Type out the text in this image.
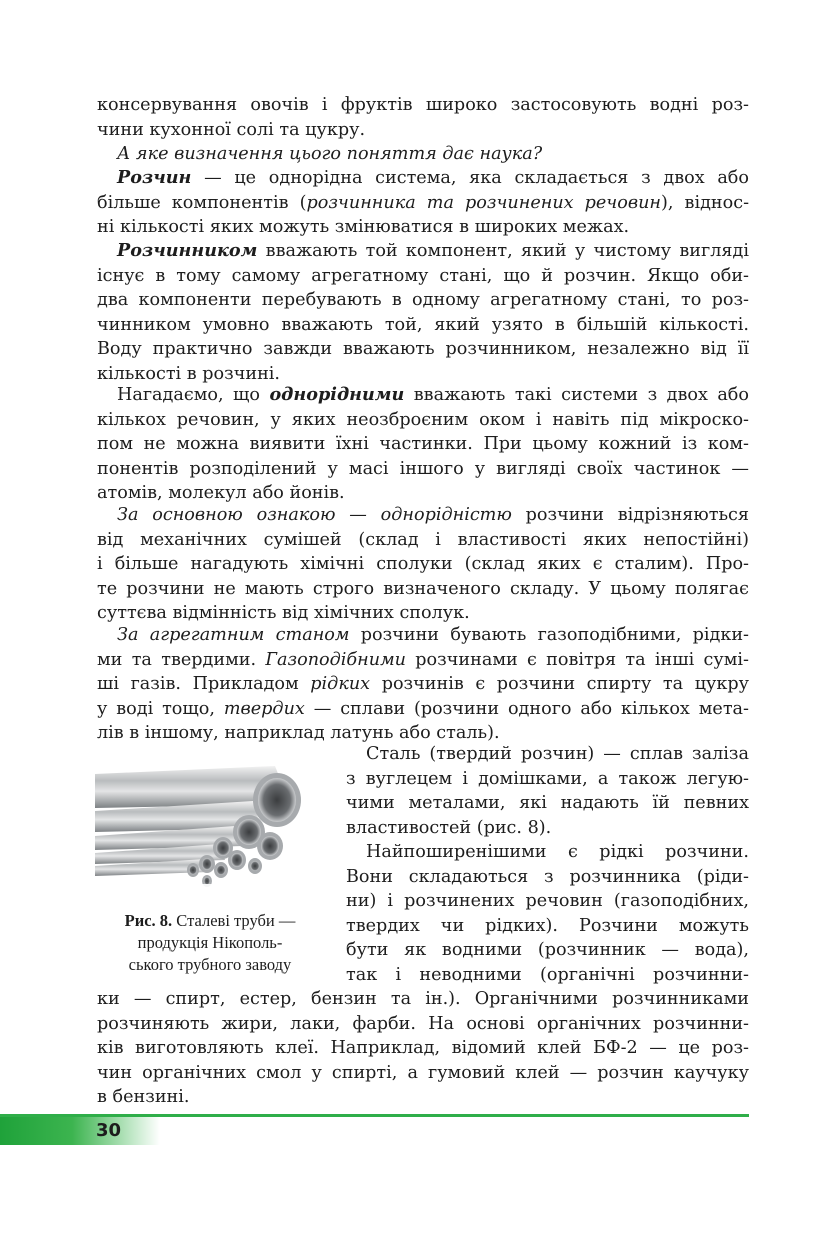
консервування овочів і фруктів широко застосовують водні роз-
чини кухонної солі та цукру.
А яке визначення цього поняття дає наука?
Розчин — це однорідна система, яка складається з двох або
більше компонентів (розчинника та розчинених речовин), віднос-
ні кількості яких можуть змінюватися в широких межах.
Розчинником вважають той компонент, який у чистому вигляді
існує в тому самому агрегатному стані, що й розчин. Якщо оби-
два компоненти перебувають в одному агрегатному стані, то роз-
чинником умовно вважають той, який узято в більшій кількості.
Воду практично завжди вважають розчинником, незалежно від її
кількості в розчині.
Нагадаємо, що однорідними вважають такі системи з двох або
кількох речовин, у яких неозброєним оком і навіть під мікроско-
пом не можна виявити їхні частинки. При цьому кожний із ком-
понентів розподілений у масі іншого у вигляді своїх частинок —
атомів, молекул або йонів.
За основною ознакою — однорідністю розчини відрізняються
від механічних сумішей (склад і властивості яких непостійні)
і більше нагадують хімічні сполуки (склад яких є сталим). Про-
те розчини не мають строго визначеного складу. У цьому полягає
суттєва відмінність від хімічних сполук.
За агрегатним станом розчини бувають газоподібними, рідки-
ми та твердими. Газоподібними розчинами є повітря та інші сумі-
ші газів. Прикладом рідких розчинів є розчини спирту та цукру
у воді тощо, твердих — сплави (розчини одного або кількох мета-
лів в іншому, наприклад латунь або сталь).
Рис. 8. Сталеві труби —
продукція Нікополь-
ського трубного заводу
Сталь (твердий розчин) — сплав заліза
з вуглецем і домішками, а також легую-
чими металами, які надають їй певних
властивостей (рис. 8).
Найпоширенішими є рідкі розчини.
Вони складаються з розчинника (ріди-
ни) і розчинених речовин (газоподібних,
твердих чи рідких). Розчини можуть
бути як водними (розчинник — вода),
так і неводними (органічні розчинни-
ки — спирт, естер, бензин та ін.). Органічними розчинниками
розчиняють жири, лаки, фарби. На основі органічних розчинни-
ків виготовляють клеї. Наприклад, відомий клей БФ-2 — це роз-
чин органічних смол у спирті, а гумовий клей — розчин каучуку
в бензині.
30
